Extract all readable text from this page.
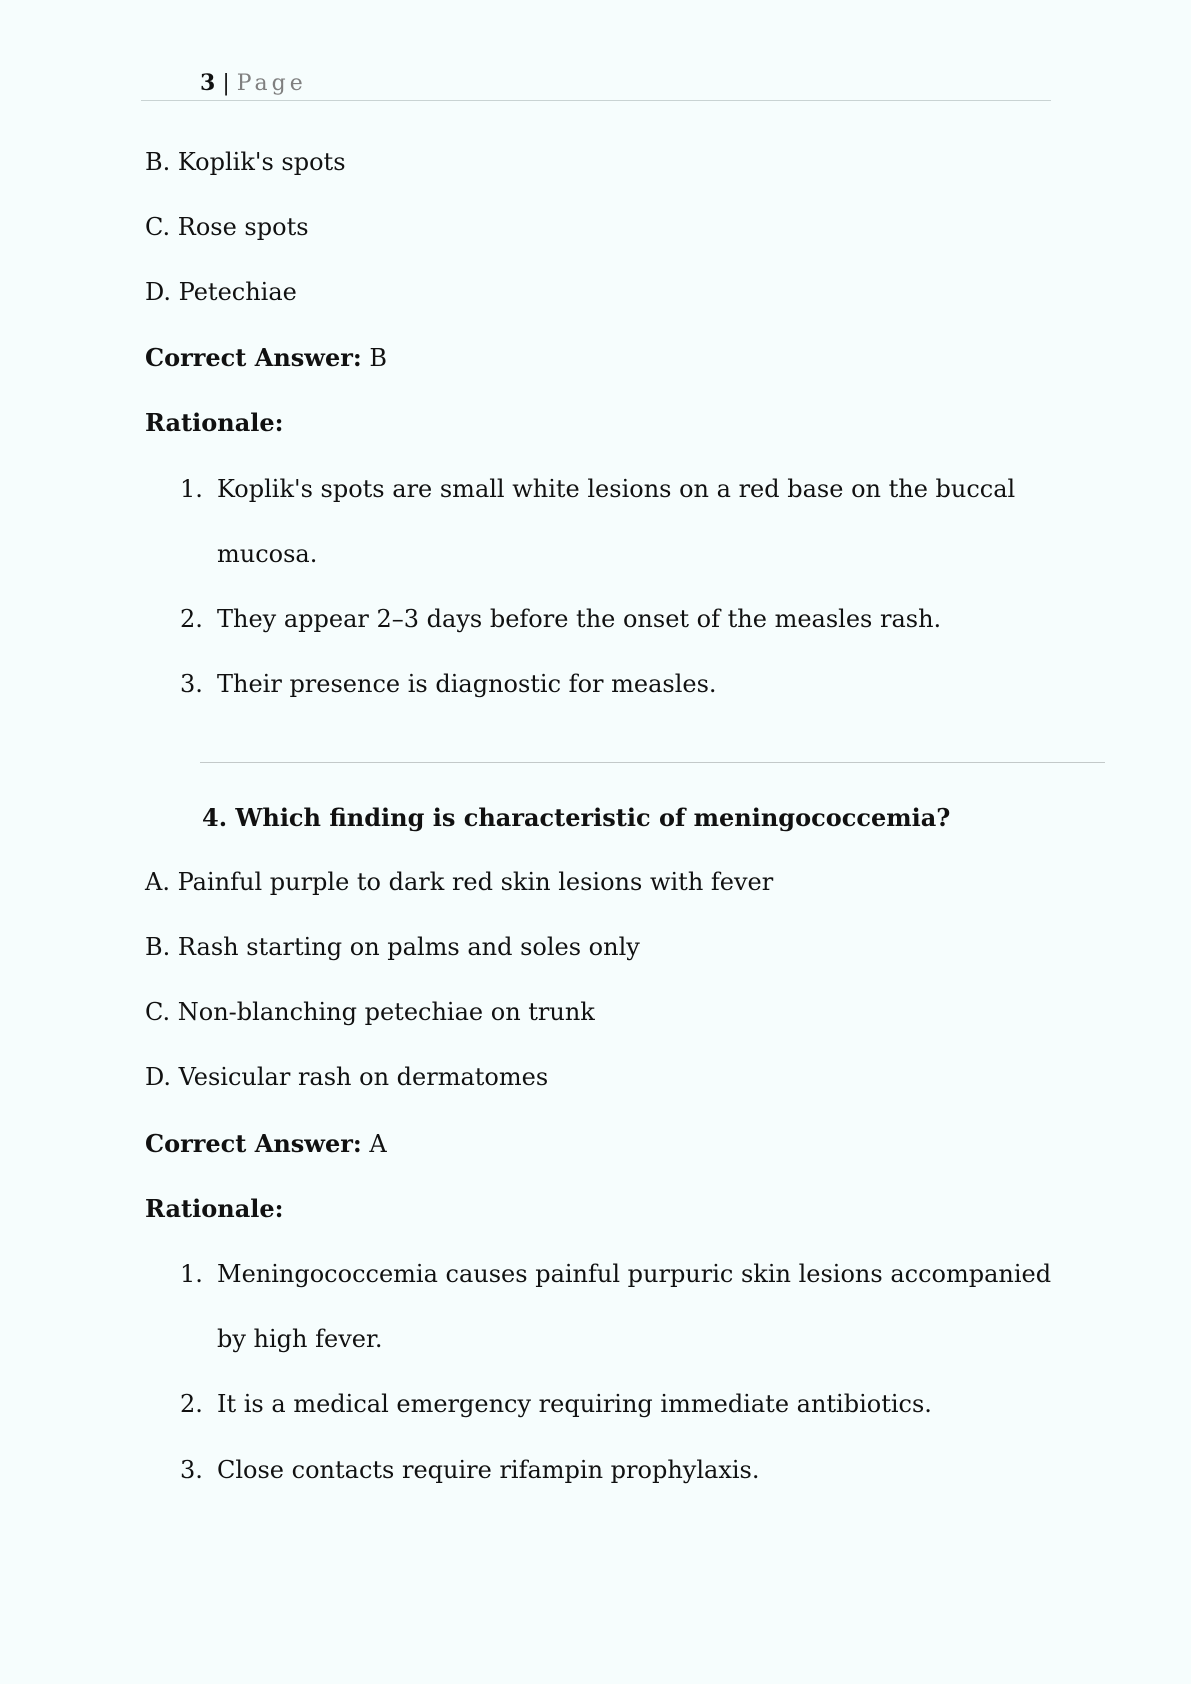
3 | Page
B. Koplik's spots
C. Rose spots
D. Petechiae
Correct Answer: B
Rationale:
1. Koplik's spots are small white lesions on a red base on the buccal
mucosa.
2. They appear 2–3 days before the onset of the measles rash.
3. Their presence is diagnostic for measles.
4. Which finding is characteristic of meningococcemia?
A. Painful purple to dark red skin lesions with fever
B. Rash starting on palms and soles only
C. Non-blanching petechiae on trunk
D. Vesicular rash on dermatomes
Correct Answer: A
Rationale:
1. Meningococcemia causes painful purpuric skin lesions accompanied
by high fever.
2. It is a medical emergency requiring immediate antibiotics.
3. Close contacts require rifampin prophylaxis.
